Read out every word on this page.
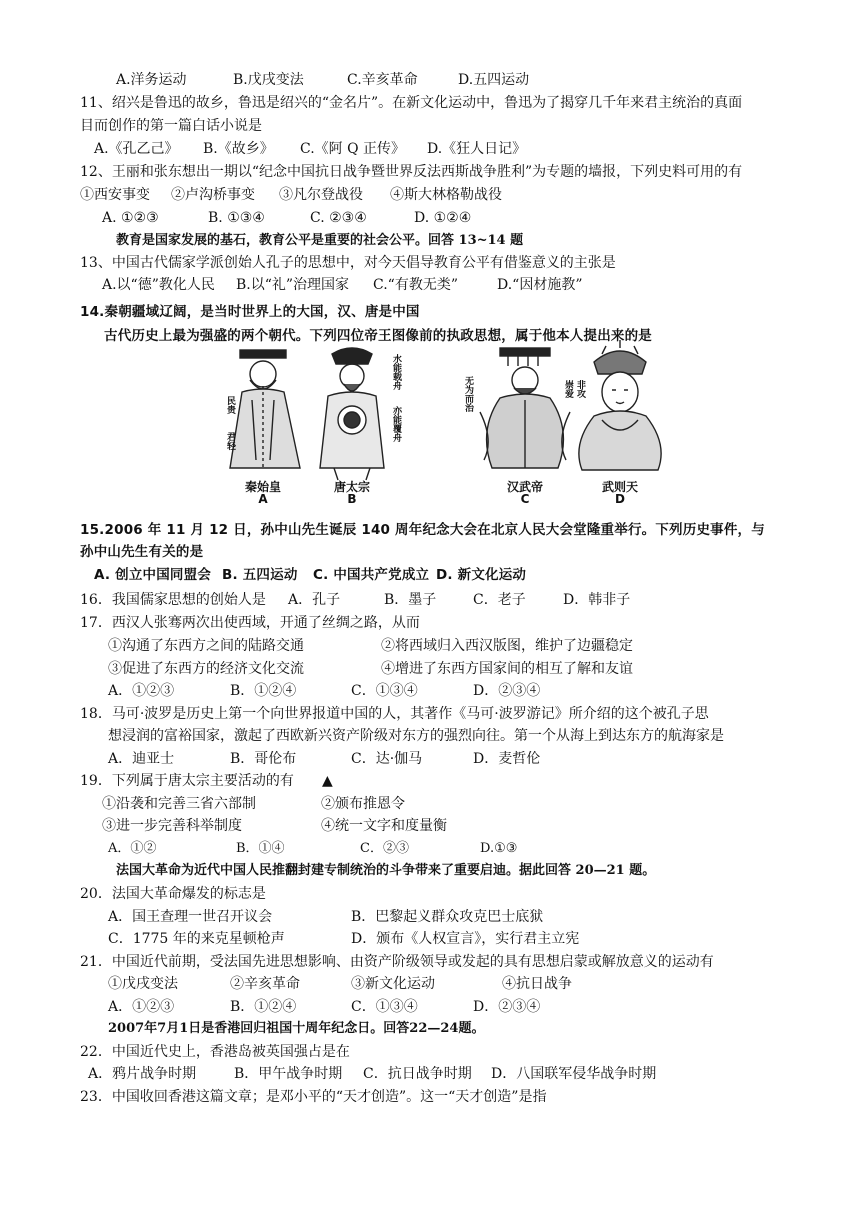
A.洋务运动	B.戊戌变法	C.辛亥革命	D.五四运动
11、绍兴是鲁迅的故乡，鲁迅是绍兴的“金名片”。在新文化运动中，鲁迅为了揭穿几千年来君主统治的真面
目而创作的第一篇白话小说是
A.《孔乙己》 B.《故乡》 C.《阿 Q 正传》 D.《狂人日记》
12、王丽和张东想出一期以“纪念中国抗日战争暨世界反法西斯战争胜利”为专题的墙报，下列史料可用的有
①西安事变 ②卢沟桥事变 ③凡尔登战役 ④斯大林格勒战役
A. ①②③	B. ①③④	C. ②③④	D. ①②④
教育是国家发展的基石，教育公平是重要的社会公平。回答 13~14 题
13、中国古代儒家学派创始人孔子的思想中，对今天倡导教育公平有借鉴意义的主张是
A.以“德”教化人民 B.以“礼”治理国家 C.“有教无类”	D.“因材施教”
14.秦朝疆域辽阔，是当时世界上的大国，汉、唐是中国
古代历史上最为强盛的两个朝代。下列四位帝王图像前的执政思想，属于他本人提出来的是
民贵
君轻
水能载舟
亦能覆舟
无为而治	崇爱 非攻
秦始皇
A
唐太宗
B
汉武帝
C
武则天
D
15.2006 年 11 月 12 日，孙中山先生诞辰 140 周年纪念大会在北京人民大会堂隆重举行。下列历史事件，与
孙中山先生有关的是
A. 创立中国同盟会 B. 五四运动 C. 中国共产党成立 D. 新文化运动
16．我国儒家思想的创始人是 A．孔子	B．墨子	C．老子	D．韩非子
17．西汉人张骞两次出使西域，开通了丝绸之路，从而
①沟通了东西方之间的陆路交通	②将西域归入西汉版图，维护了边疆稳定
③促进了东西方的经济文化交流	④增进了东西方国家间的相互了解和友谊
A．①②③	B．①②④	C．①③④	D．②③④
18．马可·波罗是历史上第一个向世界报道中国的人，其著作《马可·波罗游记》所介绍的这个被孔子思
想浸润的富裕国家，激起了西欧新兴资产阶级对东方的强烈向往。第一个从海上到达东方的航海家是
A．迪亚士	B．哥伦布	C．达·伽马	D．麦哲伦
19．下列属于唐太宗主要活动的有 ▲
①沿袭和完善三省六部制	②颁布推恩令
③进一步完善科举制度	④统一文字和度量衡
A．①②	B．①④	C．②③	D.①③
法国大革命为近代中国人民推翻封建专制统治的斗争带来了重要启迪。据此回答 20—21 题。
20．法国大革命爆发的标志是
A．国王查理一世召开议会	B．巴黎起义群众攻克巴士底狱
C．1775 年的来克星顿枪声	D．颁布《人权宣言》，实行君主立宪
21．中国近代前期，受法国先进思想影响、由资产阶级领导或发起的具有思想启蒙或解放意义的运动有
①戊戌变法	②辛亥革命	③新文化运动	④抗日战争
A．①②③	B．①②④	C．①③④	D．②③④
2007年7月1日是香港回归祖国十周年纪念日。回答22—24题。
22．中国近代史上，香港岛被英国强占是在
A．鸦片战争时期	B．甲午战争时期 C．抗日战争时期 D．八国联军侵华战争时期
23．中国收回香港这篇文章；是邓小平的“天才创造”。这一“天才创造”是指
